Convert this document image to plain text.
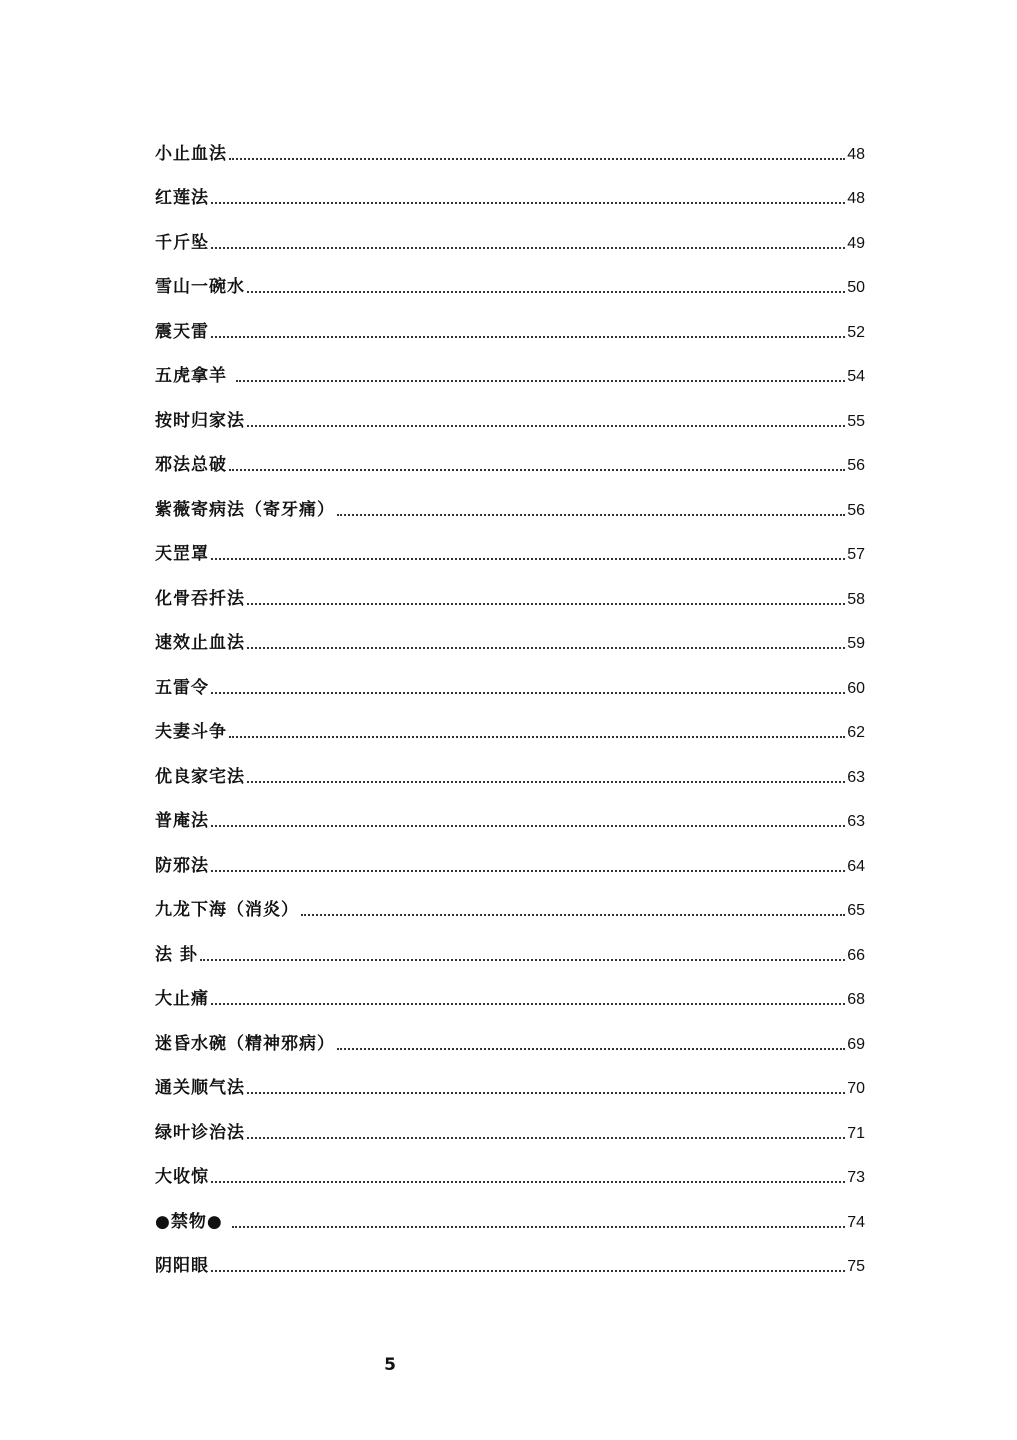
小止血法	48
红莲法	48
千斤坠	49
雪山一碗水	50
震天雷	52
五虎拿羊	54
按时归家法	55
邪法总破	56
紫薇寄病法（寄牙痛）	56
天罡罩	57
化骨吞扦法	58
速效止血法	59
五雷令	60
夫妻斗争	62
优良家宅法	63
普庵法	63
防邪法	64
九龙下海（消炎）	65
法 卦	66
大止痛	68
迷昏水碗（精神邪病）	69
通关顺气法	70
绿叶诊治法	71
大收惊	73
●禁物●	74
阴阳眼	75
5
